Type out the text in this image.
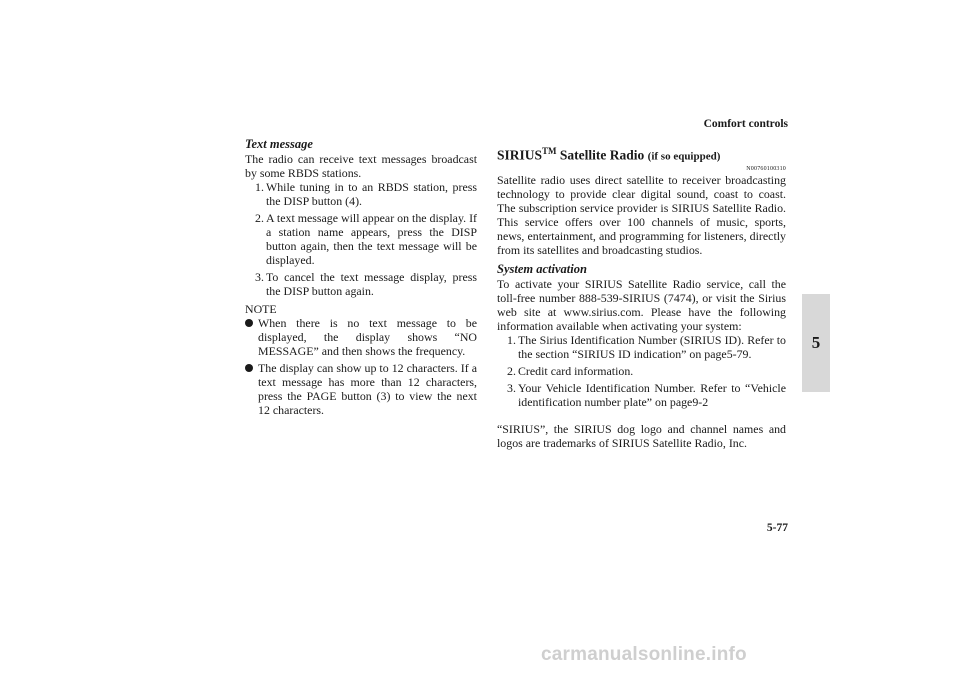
Comfort controls
5
Text message

The radio can receive text messages broadcast by some RBDS stations.

1. While tuning in to an RBDS station, press the DISP button (4).
2. A text message will appear on the display. If a station name appears, press the DISP button again, then the text message will be displayed.
3. To cancel the text message display, press the DISP button again.
NOTE
When there is no text message to be displayed, the display shows “NO MESSAGE” and then shows the frequency.
The display can show up to 12 characters. If a text message has more than 12 characters, press the PAGE button (3) to view the next 12 characters.
SIRIUS™ Satellite Radio (if so equipped)
N00760100310

Satellite radio uses direct satellite to receiver broadcasting technology to provide clear digital sound, coast to coast. The subscription service provider is SIRIUS Satellite Radio. This service offers over 100 channels of music, sports, news, entertainment, and programming for listeners, directly from its satellites and broadcasting studios.

System activation

To activate your SIRIUS Satellite Radio service, call the toll-free number 888-539-SIRIUS (7474), or visit the Sirius web site at www.sirius.com. Please have the following information available when activating your system:

1. The Sirius Identification Number (SIRIUS ID). Refer to the section “SIRIUS ID indication” on page5-79.
2. Credit card information.
3. Your Vehicle Identification Number. Refer to “Vehicle identification number plate” on page9-2

“SIRIUS”, the SIRIUS dog logo and channel names and logos are trademarks of SIRIUS Satellite Radio, Inc.

5-77
carmanualsonline.info
